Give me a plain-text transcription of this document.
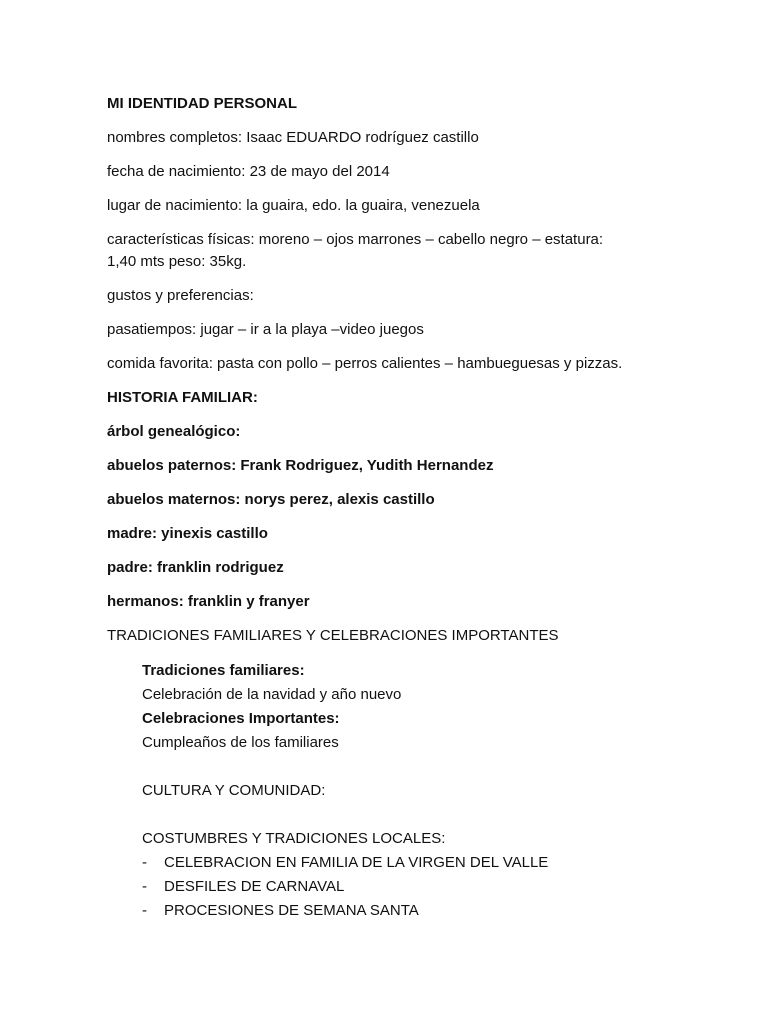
MI IDENTIDAD PERSONAL

nombres completos: Isaac EDUARDO rodríguez castillo

fecha de nacimiento: 23 de mayo del 2014

lugar de nacimiento: la guaira, edo. la guaira, venezuela

características físicas: moreno – ojos marrones – cabello negro – estatura:

1,40 mts peso: 35kg.

gustos y preferencias:

pasatiempos: jugar – ir a la playa –video juegos

comida favorita: pasta con pollo – perros calientes – hambueguesas y pizzas.

HISTORIA FAMILIAR:

árbol genealógico:

abuelos paternos: Frank Rodriguez, Yudith Hernandez

abuelos maternos: norys perez, alexis castillo

madre: yinexis castillo

padre: franklin rodriguez

hermanos: franklin y franyer

TRADICIONES FAMILIARES Y CELEBRACIONES IMPORTANTES

Tradiciones familiares:

Celebración de la navidad y año nuevo

Celebraciones Importantes:

Cumpleaños de los familiares

CULTURA Y COMUNIDAD:

COSTUMBRES Y TRADICIONES LOCALES:

-	CELEBRACION EN FAMILIA DE LA VIRGEN DEL VALLE
-	DESFILES DE CARNAVAL
-	PROCESIONES DE SEMANA SANTA
